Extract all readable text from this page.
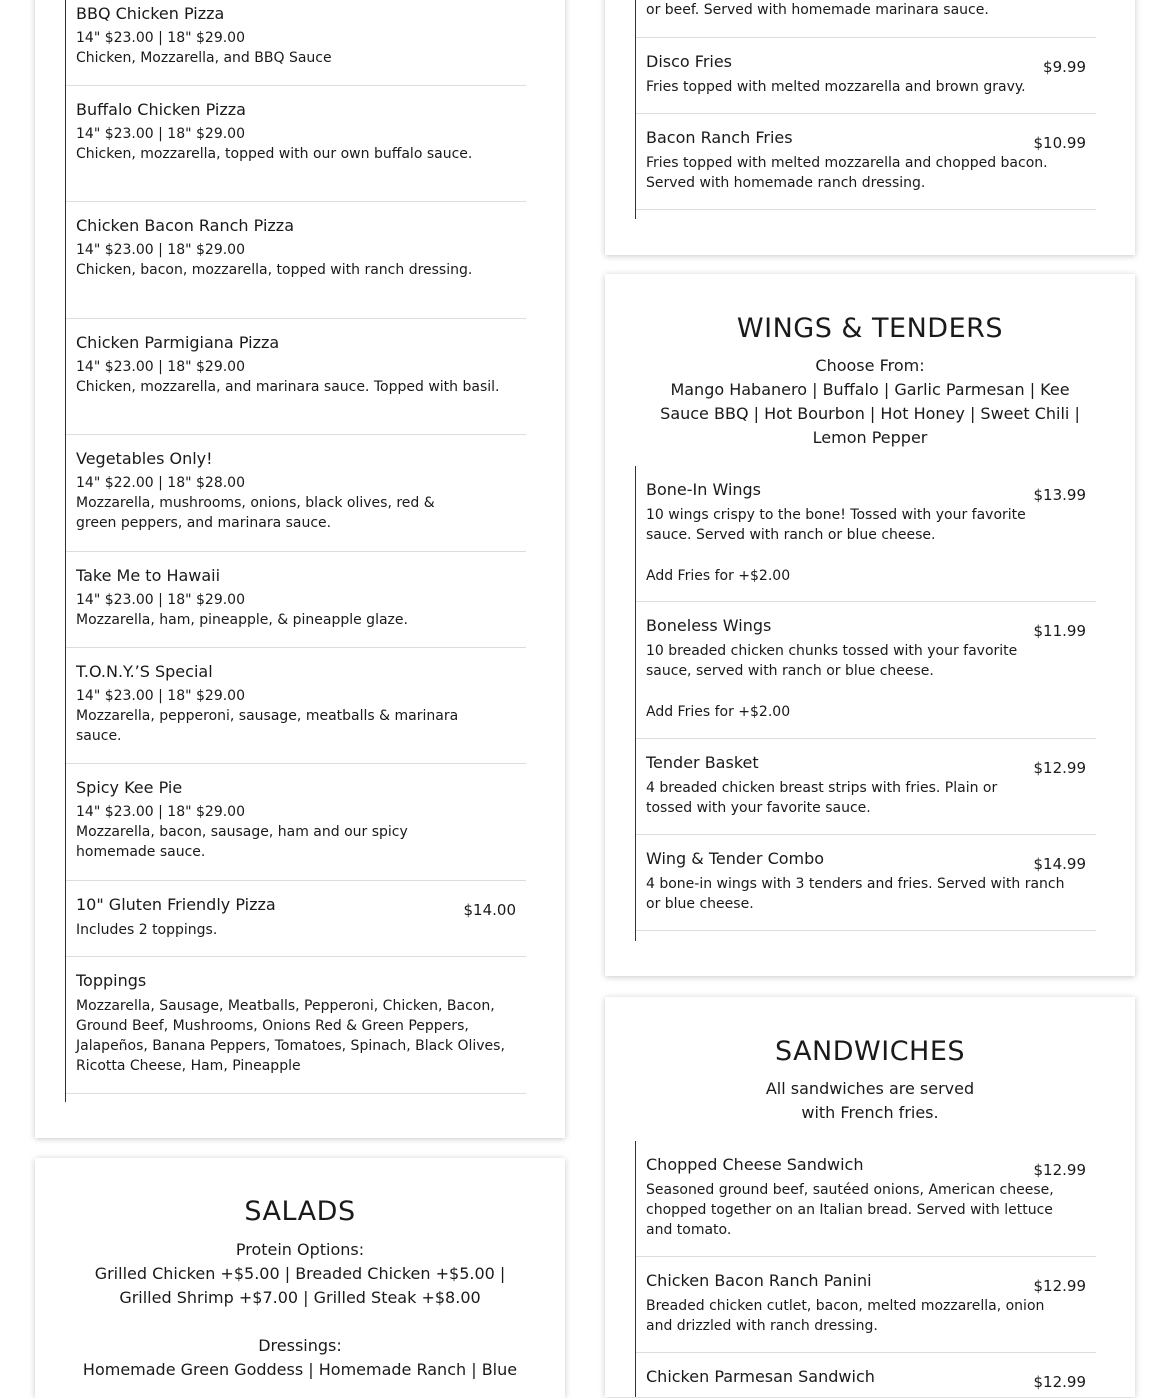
BBQ Chicken Pizza
14" $23.00 | 18" $29.00
Chicken, Mozzarella, and BBQ Sauce
Buffalo Chicken Pizza
14" $23.00 | 18" $29.00
Chicken, mozzarella, topped with our own buffalo sauce.
Chicken Bacon Ranch Pizza
14" $23.00 | 18" $29.00
Chicken, bacon, mozzarella, topped with ranch dressing.
Chicken Parmigiana Pizza
14" $23.00 | 18" $29.00
Chicken, mozzarella, and marinara sauce. Topped with basil.
Vegetables Only!
14" $22.00 | 18" $28.00
Mozzarella, mushrooms, onions, black olives, red & green peppers, and marinara sauce.
Take Me to Hawaii
14" $23.00 | 18" $29.00
Mozzarella, ham, pineapple, & pineapple glaze.
T.O.N.Y.’S Special
14" $23.00 | 18" $29.00
Mozzarella, pepperoni, sausage, meatballs & marinara sauce.
Spicy Kee Pie
14" $23.00 | 18" $29.00
Mozzarella, bacon, sausage, ham and our spicy homemade sauce.
10" Gluten Friendly Pizza	$14.00
Includes 2 toppings.
Toppings
Mozzarella, Sausage, Meatballs, Pepperoni, Chicken, Bacon, Ground Beef, Mushrooms, Onions Red & Green Peppers, Jalapeños, Banana Peppers, Tomatoes, Spinach, Black Olives, Ricotta Cheese, Ham, Pineapple
SALADS
Protein Options:
Grilled Chicken +$5.00 | Breaded Chicken +$5.00 |
Grilled Shrimp +$7.00 | Grilled Steak +$8.00
Dressings:
Homemade Green Goddess | Homemade Ranch | Blue
or beef. Served with homemade marinara sauce.
Disco Fries	$9.99
Fries topped with melted mozzarella and brown gravy.
Bacon Ranch Fries	$10.99
Fries topped with melted mozzarella and chopped bacon. Served with homemade ranch dressing.
WINGS & TENDERS
Choose From:
Mango Habanero | Buffalo | Garlic Parmesan | Kee
Sauce BBQ | Hot Bourbon | Hot Honey | Sweet Chili |
Lemon Pepper
Bone-In Wings	$13.99
10 wings crispy to the bone! Tossed with your favorite sauce. Served with ranch or blue cheese.
Add Fries for +$2.00
Boneless Wings	$11.99
10 breaded chicken chunks tossed with your favorite sauce, served with ranch or blue cheese.
Add Fries for +$2.00
Tender Basket	$12.99
4 breaded chicken breast strips with fries. Plain or tossed with your favorite sauce.
Wing & Tender Combo	$14.99
4 bone-in wings with 3 tenders and fries. Served with ranch or blue cheese.
SANDWICHES
All sandwiches are served
with French fries.
Chopped Cheese Sandwich	$12.99
Seasoned ground beef, sautéed onions, American cheese, chopped together on an Italian bread. Served with lettuce and tomato.
Chicken Bacon Ranch Panini	$12.99
Breaded chicken cutlet, bacon, melted mozzarella, onion and drizzled with ranch dressing.
Chicken Parmesan Sandwich	$12.99
